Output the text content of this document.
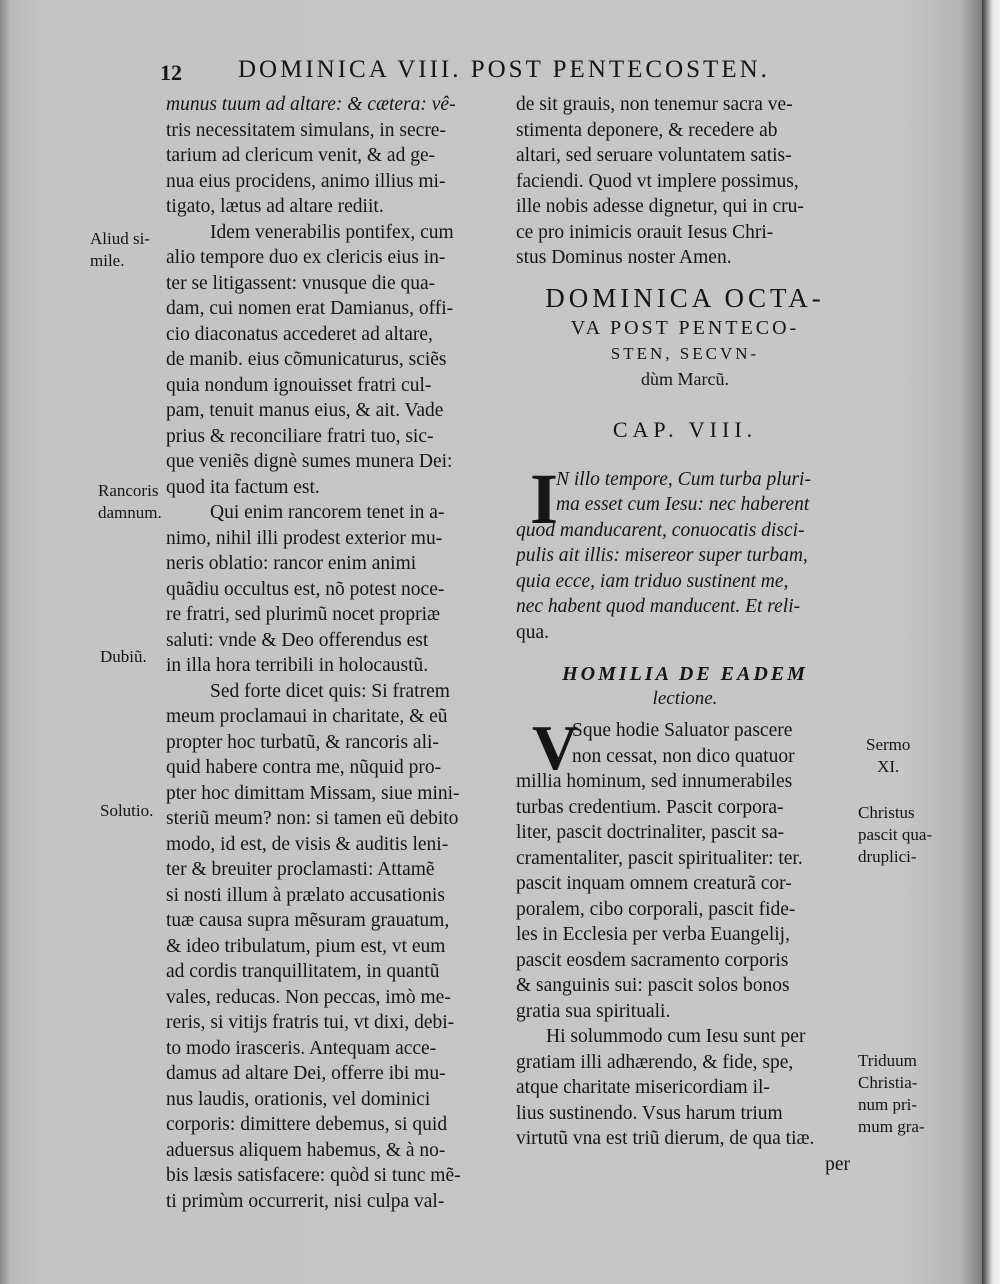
12 DOMINICA VIII. POST PENTECOSTEN.
munus tuum ad altare: & cætera: vê-
tris necessitatem simulans, in secre-
tarium ad clericum venit, & ad ge-
nua eius procidens, animo illius mi-
tigato, lætus ad altare rediit.
Idem venerabilis pontifex, cum
alio tempore duo ex clericis eius in-
ter se litigassent: vnusque die qua-
dam, cui nomen erat Damianus, offi-
cio diaconatus accederet ad altare,
de manib. eius cõmunicaturus, sciẽs
quia nondum ignouisset fratri cul-
pam, tenuit manus eius, & ait. Vade
prius & reconciliare fratri tuo, sic-
que veniẽs dignè sumes munera Dei:
quod ita factum est.
Qui enim rancorem tenet in a-
nimo, nihil illi prodest exterior mu-
neris oblatio: rancor enim animi
quãdiu occultus est, nõ potest noce-
re fratri, sed plurimũ nocet propriæ
saluti: vnde & Deo offerendus est
in illa hora terribili in holocaustũ.
Sed forte dicet quis: Si fratrem
meum proclamaui in charitate, & eũ
propter hoc turbatũ, & rancoris ali-
quid habere contra me, nũquid pro-
pter hoc dimittam Missam, siue mini-
steriũ meum? non: si tamen eũ debito
modo, id est, de visis & auditis leni-
ter & breuiter proclamasti: Attamẽ
si nosti illum à prælato accusationis
tuæ causa supra mẽsuram grauatum,
& ideo tribulatum, pium est, vt eum
ad cordis tranquillitatem, in quantũ
vales, reducas. Non peccas, imò me-
reris, si vitijs fratris tui, vt dixi, debi-
to modo irasceris. Antequam acce-
damus ad altare Dei, offerre ibi mu-
nus laudis, orationis, vel dominici
corporis: dimittere debemus, si quid
aduersus aliquem habemus, & à no-
bis læsis satisfacere: quòd si tunc mẽ-
ti primùm occurrerit, nisi culpa val-
de sit grauis, non tenemur sacra ve-
stimenta deponere, & recedere ab
altari, sed seruare voluntatem satis-
faciendi. Quod vt implere possimus,
ille nobis adesse dignetur, qui in cru-
ce pro inimicis orauit Iesus Chri-
stus Dominus noster Amen.
DOMINICA OCTA-
VA POST PENTECO-
STEN, SECVN-
dùm Marcũ.
CAP. VIII.
I
N illo tempore, Cum turba pluri-
ma esset cum Iesu: nec haberent
quod manducarent, conuocatis disci-
pulis ait illis: misereor super turbam,
quia ecce, iam triduo sustinent me,
nec habent quod manducent. Et reli-
qua.
HOMILIA DE EADEM
lectione.
V
Sque hodie Saluator pascere
non cessat, non dico quatuor
millia hominum, sed innumerabiles
turbas credentium. Pascit corpora-
liter, pascit doctrinaliter, pascit sa-
cramentaliter, pascit spiritualiter: ter.
pascit inquam omnem creaturã cor-
poralem, cibo corporali, pascit fide-
les in Ecclesia per verba Euangelij,
pascit eosdem sacramento corporis
& sanguinis sui: pascit solos bonos
gratia sua spirituali.
Hi solummodo cum Iesu sunt per
gratiam illi adhærendo, & fide, spe,
atque charitate misericordiam il-
lius sustinendo. Vsus harum trium
virtutũ vna est triũ dierum, de qua tiæ.
per
Aliud si-
mile.
Rancoris
damnum.
Dubiũ.
Solutio.
Sermo
XI.
Christus
pascit qua-
druplici-
Triduum
Christia-
num pri-
mum gra-
